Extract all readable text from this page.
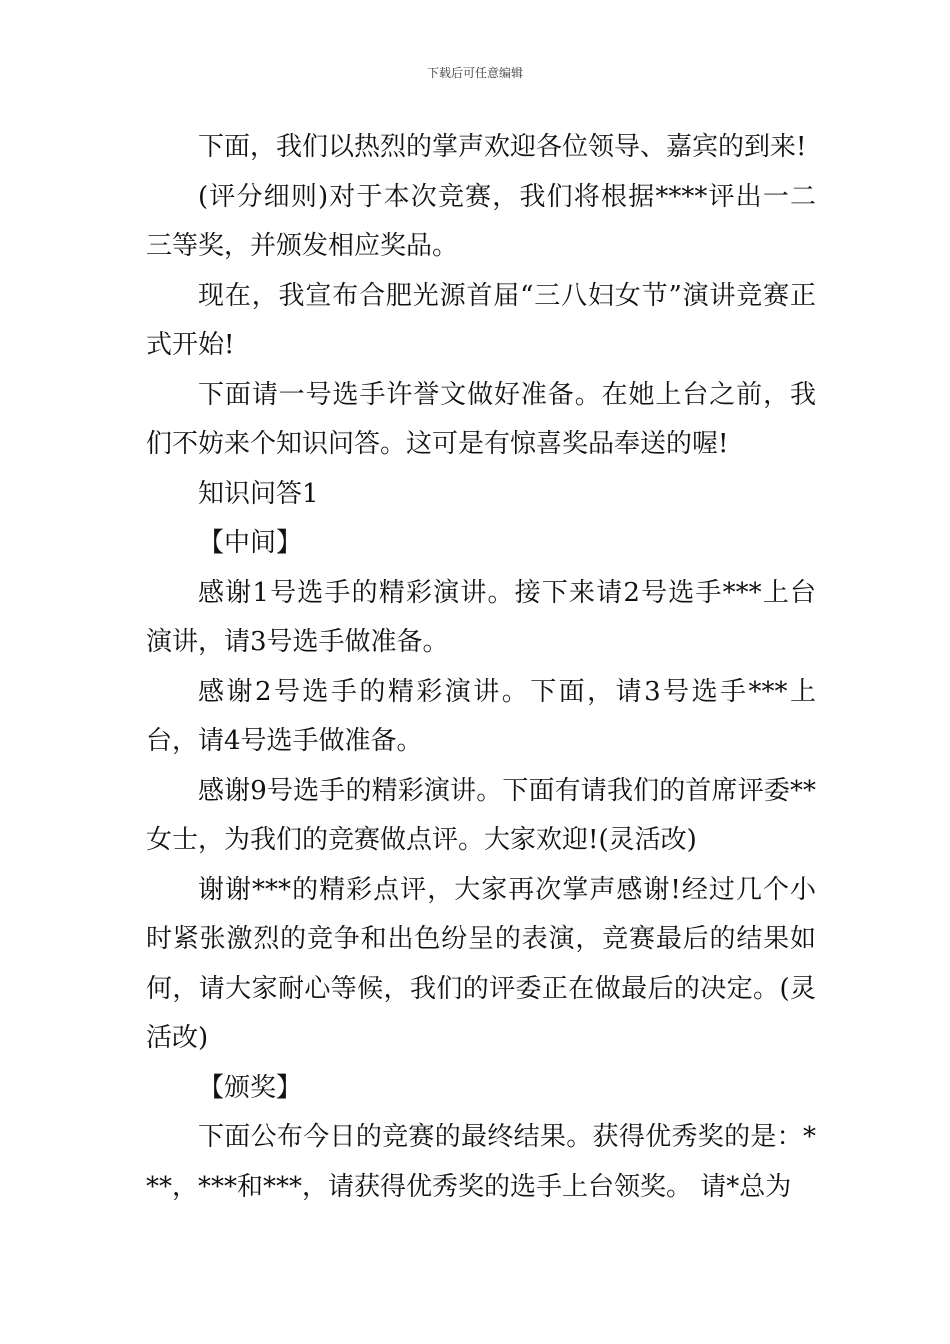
下载后可任意编辑

下面，我们以热烈的掌声欢迎各位领导、嘉宾的到来!

(评分细则)对于本次竞赛，我们将根据****评出一二三等奖，并颁发相应奖品。

现在，我宣布合肥光源首届“三八妇女节”演讲竞赛正式开始!

下面请一号选手许誉文做好准备。在她上台之前，我们不妨来个知识问答。这可是有惊喜奖品奉送的喔!

知识问答1

【中间】

感谢1号选手的精彩演讲。接下来请2号选手***上台演讲，请3号选手做准备。

感谢2号选手的精彩演讲。下面，请3号选手***上台，请4号选手做准备。

感谢9号选手的精彩演讲。下面有请我们的首席评委**女士，为我们的竞赛做点评。大家欢迎!(灵活改)

谢谢***的精彩点评，大家再次掌声感谢!经过几个小时紧张激烈的竞争和出色纷呈的表演，竞赛最后的结果如何，请大家耐心等候，我们的评委正在做最后的决定。(灵活改)

【颁奖】

下面公布今日的竞赛的最终结果。获得优秀奖的是：***，***和***，请获得优秀奖的选手上台领奖。 请*总为
